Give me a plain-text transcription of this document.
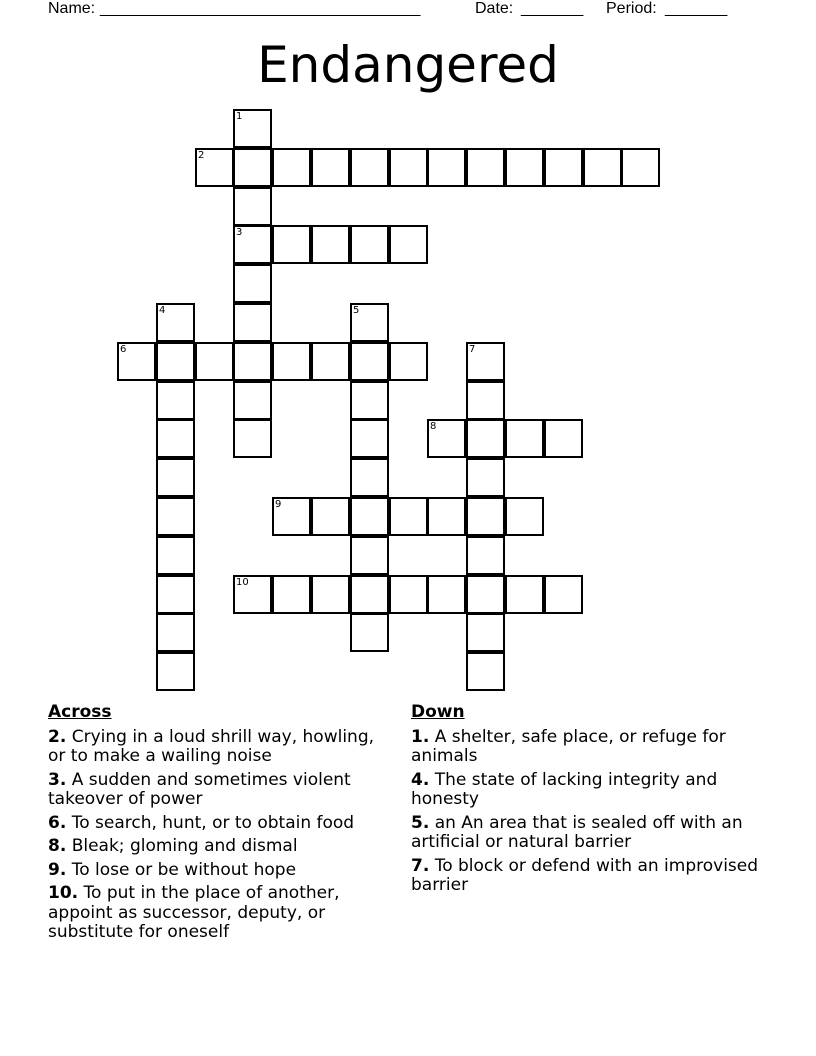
Name: ____________________________________	Date: _______ Period: _______
Endangered
1
2
3
4	5
6	7
8
9
10
Across
2. Crying in a loud shrill way, howling, or to make a wailing noise
3. A sudden and sometimes violent takeover of power
6. To search, hunt, or to obtain food
8. Bleak; gloming and dismal
9. To lose or be without hope
10. To put in the place of another, appoint as successor, deputy, or substitute for oneself
Down
1. A shelter, safe place, or refuge for animals
4. The state of lacking integrity and honesty
5. an An area that is sealed off with an artificial or natural barrier
7. To block or defend with an improvised barrier
